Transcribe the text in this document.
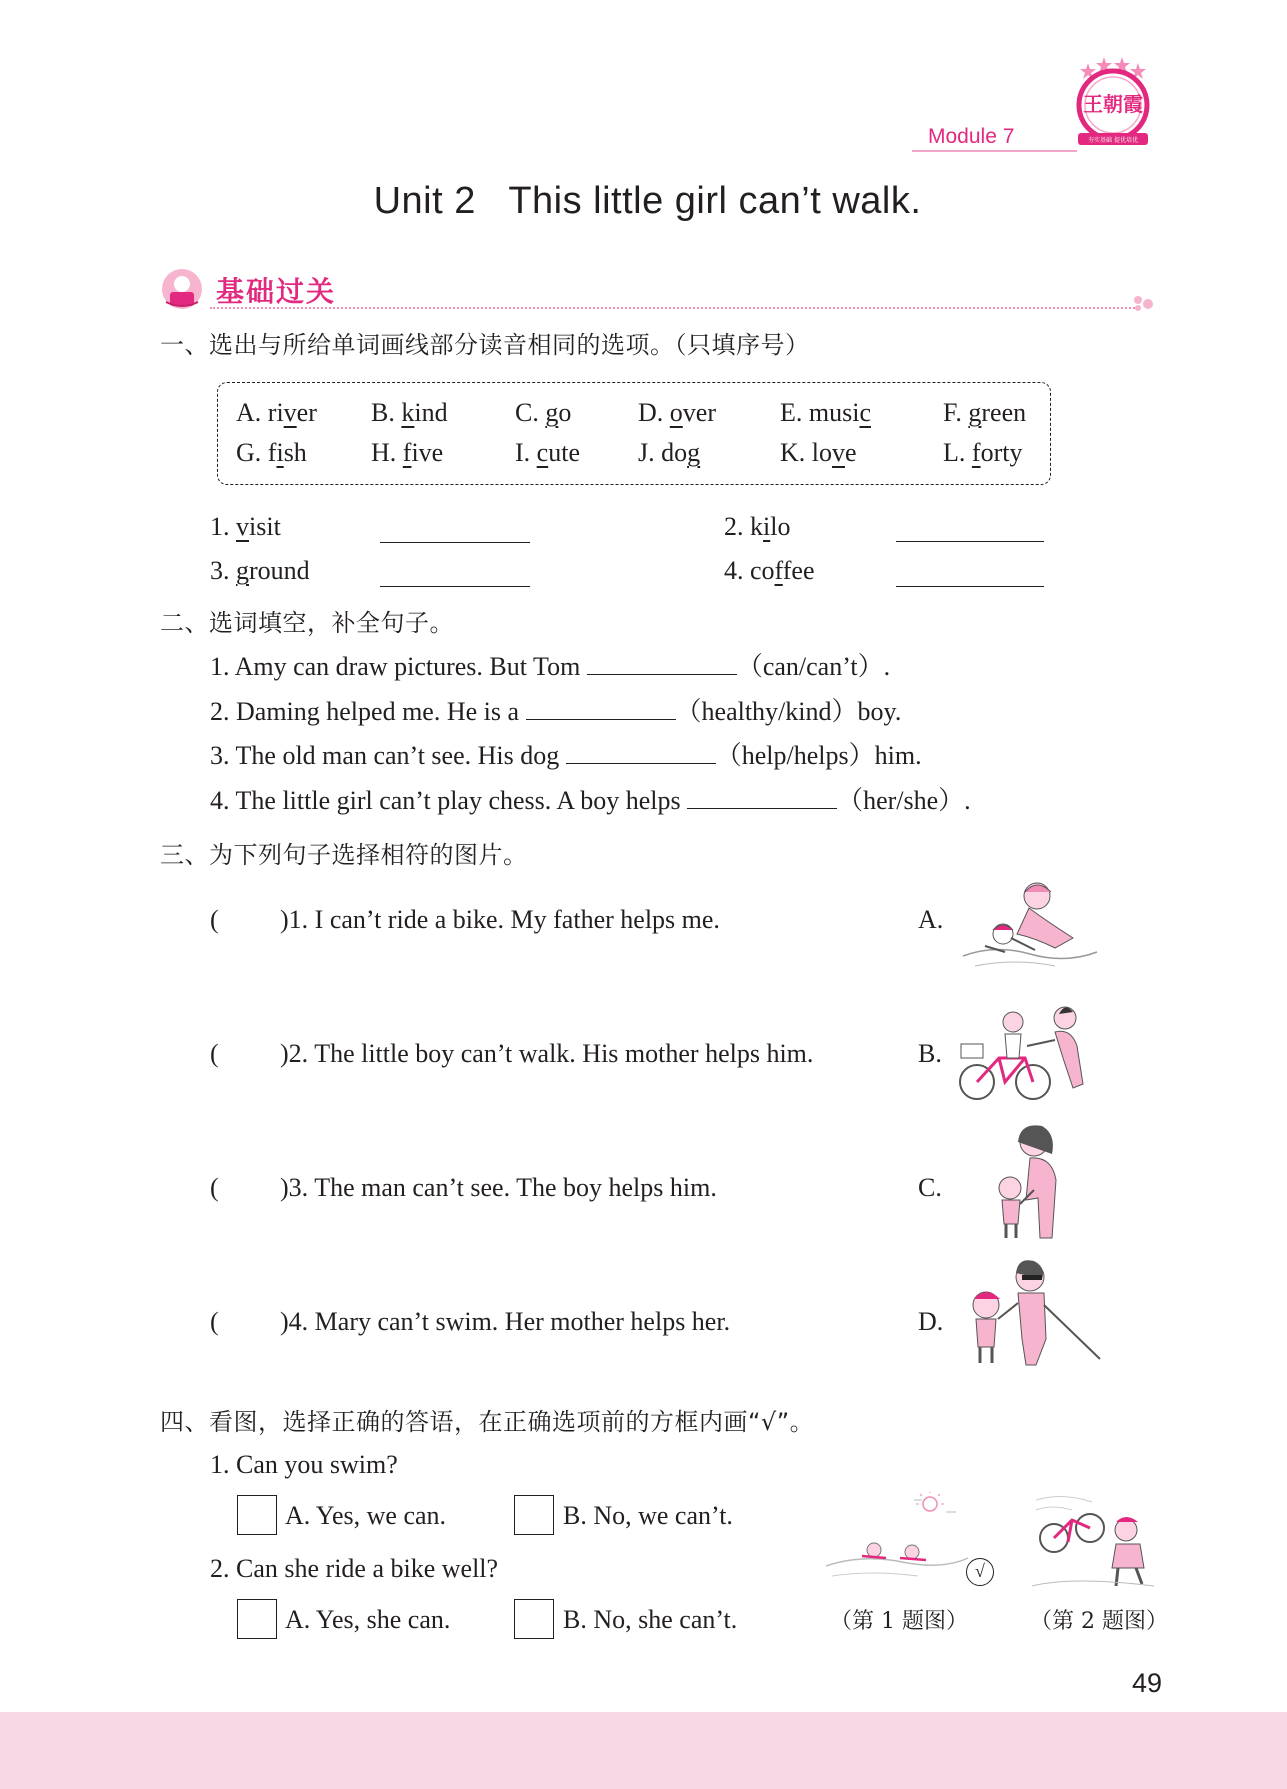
王朝霞
夯实基础 提优培优
Module 7
Unit 2   This little girl can’t walk.
基础过关
一、选出与所给单词画线部分读音相同的选项。（只填序号）
A. river B. kind	C. go	D. over E. music	F. green
G. fish H. five	I. cute J. dog	K. love	L. forty
1. visit	2. kilo
3. ground	4. coffee
二、选词填空，补全句子。
1. Amy can draw pictures. But Tom	（can/can’t）.
2. Daming helped me. He is a	（healthy/kind）boy.
3. The old man can’t see. His dog	（help/helps）him.
4. The little girl can’t play chess. A boy helps	（her/she）.
三、为下列句子选择相符的图片。
( )1. I can’t ride a bike. My father helps me.	A.
( )2. The little boy can’t walk. His mother helps him.	B.
( )3. The man can’t see. The boy helps him.	C.
( )4. Mary can’t swim. Her mother helps her.	D.
四、看图，选择正确的答语，在正确选项前的方框内画“√”。
1. Can you swim?
A. Yes, we can.	B. No, we can’t.
2. Can she ride a bike well?
A. Yes, she can.	B. No, she can’t.
√
（第 1 题图）	（第 2 题图）
49
